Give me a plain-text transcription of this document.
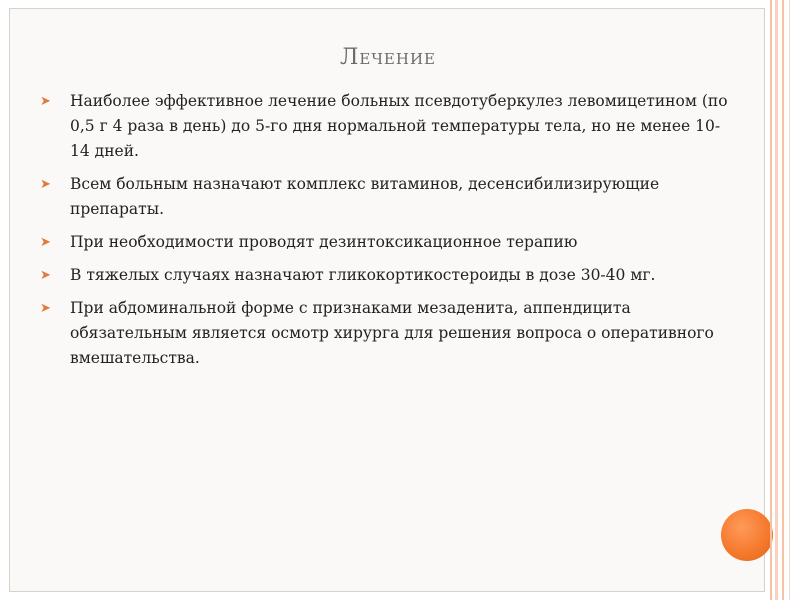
Лечение
➤ Наиболее эффективное лечение больных псевдотуберкулез левомицетином (по 0,5 г 4 раза в день) до 5-го дня нормальной температуры тела, но не менее 10-14 дней.
➤ Всем больным назначают комплекс витаминов, десенсибилизирующие препараты.
➤ При необходимости проводят дезинтоксикационное терапию
➤ В тяжелых случаях назначают гликокортикостероиды в дозе 30-40 мг.
➤ При абдоминальной форме с признаками мезаденита, аппендицита обязательным является осмотр хирурга для решения вопроса о оперативного вмешательства.
